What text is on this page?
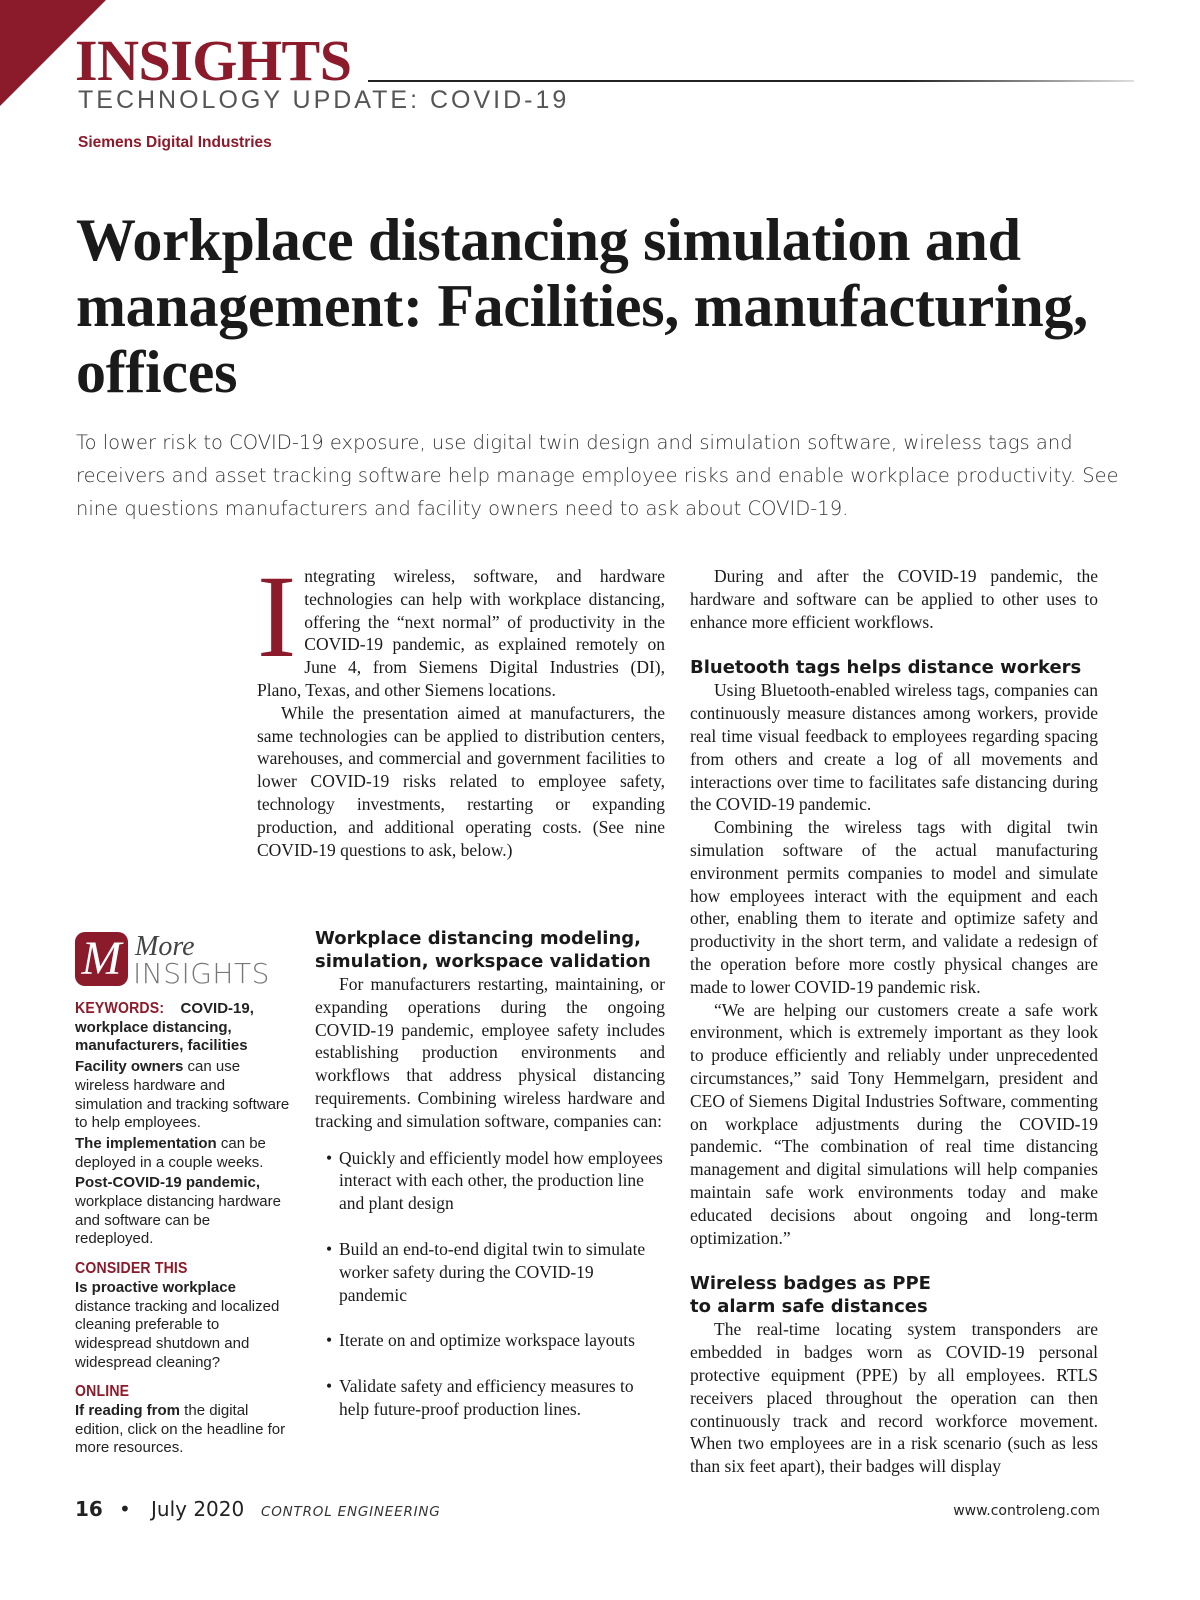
INSIGHTS
TECHNOLOGY UPDATE: COVID-19
Siemens Digital Industries
Workplace distancing simulation and management: Facilities, manufacturing, offices
To lower risk to COVID-19 exposure, use digital twin design and simulation software, wireless tags and receivers and asset tracking software help manage employee risks and enable workplace productivity. See nine questions manufacturers and facility owners need to ask about COVID-19.

Integrating wireless, software, and hardware technologies can help with workplace distancing, offering the “next normal” of productivity in the COVID-19 pandemic, as explained remotely on June 4, from Siemens Digital Industries (DI), Plano, Texas, and other Siemens locations.

While the presentation aimed at manufacturers, the same technologies can be applied to distribution centers, warehouses, and commercial and government facilities to lower COVID-19 risks related to employee safety, technology investments, restarting or expanding production, and additional operating costs. (See nine COVID-19 questions to ask, below.)

Workplace distancing modeling, simulation, workspace validation

For manufacturers restarting, maintaining, or expanding operations during the ongoing COVID-19 pandemic, employee safety includes establishing production environments and workflows that address physical distancing requirements. Combining wireless hardware and tracking and simulation software, companies can:

• Quickly and efficiently model how employees interact with each other, the production line and plant design
• Build an end-to-end digital twin to simulate worker safety during the COVID-19 pandemic
• Iterate on and optimize workspace layouts
• Validate safety and efficiency measures to help future-proof production lines.

During and after the COVID-19 pandemic, the hardware and software can be applied to other uses to enhance more efficient workflows.

Bluetooth tags helps distance workers

Using Bluetooth-enabled wireless tags, companies can continuously measure distances among workers, provide real time visual feedback to employees regarding spacing from others and create a log of all movements and interactions over time to facilitates safe distancing during the COVID-19 pandemic.

Combining the wireless tags with digital twin simulation software of the actual manufacturing environment permits companies to model and simulate how employees interact with the equipment and each other, enabling them to iterate and optimize safety and productivity in the short term, and validate a redesign of the operation before more costly physical changes are made to lower COVID-19 pandemic risk.

“We are helping our customers create a safe work environment, which is extremely important as they look to produce efficiently and reliably under unprecedented circumstances,” said Tony Hemmelgarn, president and CEO of Siemens Digital Industries Software, commenting on workplace adjustments during the COVID-19 pandemic. “The combination of real time distancing management and digital simulations will help companies maintain safe work environments today and make educated decisions about ongoing and long-term optimization.”

Wireless badges as PPE to alarm safe distances

The real-time locating system transponders are embedded in badges worn as COVID-19 personal protective equipment (PPE) by all employees. RTLS receivers placed throughout the operation can then continuously track and record workforce movement. When two employees are in a risk scenario (such as less than six feet apart), their badges will display

M More
INSIGHTS
KEYWORDS: COVID-19, workplace distancing, manufacturers, facilities
Facility owners can use wireless hardware and simulation and tracking software to help employees.
The implementation can be deployed in a couple weeks.
Post-COVID-19 pandemic, workplace distancing hardware and software can be redeployed.
CONSIDER THIS
Is proactive workplace distance tracking and localized cleaning preferable to widespread shutdown and widespread cleaning?
ONLINE
If reading from the digital edition, click on the headline for more resources.
16 • July 2020 CONTROL ENGINEERING	www.controleng.com
